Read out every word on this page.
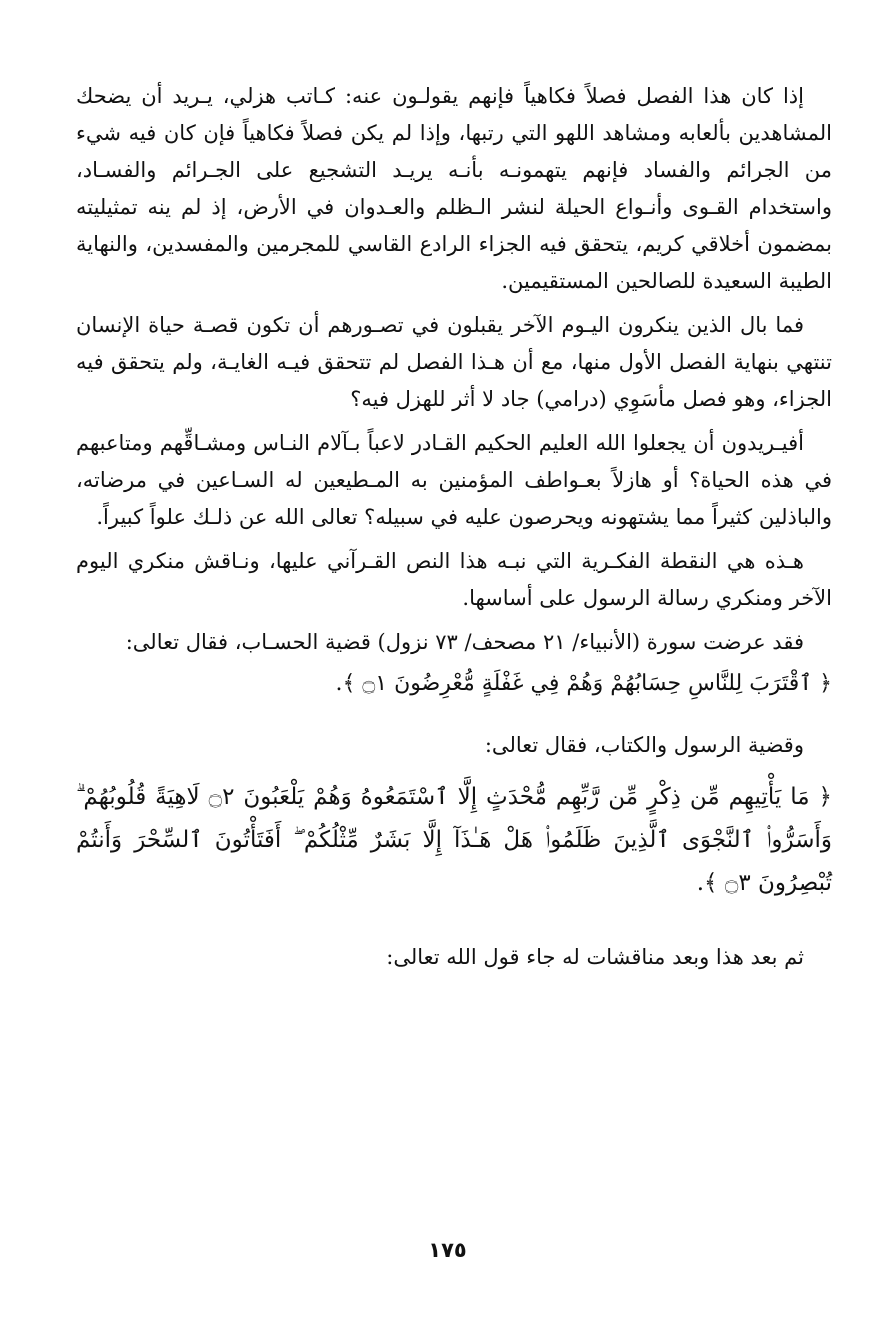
إذا كان هذا الفصل فصلاً فكاهياً فإنهم يقولـون عنه: كـاتب هزلي، يـريد أن يضحك المشاهدين بألعابه ومشاهد اللهو التي رتبها، وإذا لم يكن فصلاً فكاهياً فإن كان فيه شيء من الجرائم والفساد فإنهم يتهمونـه بأنـه يريـد التشجيع على الجـرائم والفسـاد، واستخدام القـوى وأنـواع الحيلة لنشر الـظلم والعـدوان في الأرض، إذ لم ينه تمثيليته بمضمون أخلاقي كريم، يتحقق فيه الجزاء الرادع القاسي للمجرمين والمفسدين، والنهاية الطيبة السعيدة للصالحين المستقيمين.

فما بال الذين ينكرون اليـوم الآخر يقبلون في تصـورهم أن تكون قصـة حياة الإنسان تنتهي بنهاية الفصل الأول منها، مع أن هـذا الفصل لم تتحقق فيـه الغايـة، ولم يتحقق فيه الجزاء، وهو فصل مأسَوِي (درامي) جاد لا أثر للهزل فيه؟

أفيـريدون أن يجعلوا الله العليم الحكيم القـادر لاعباً بـآلام النـاس ومشـاقِّهم ومتاعبهم في هذه الحياة؟ أو هازلاً بعـواطف المؤمنين به المـطيعين له السـاعين في مرضاته، والباذلين كثيراً مما يشتهونه ويحرصون عليه في سبيله؟ تعالى الله عن ذلـك علواً كبيراً.

هـذه هي النقطة الفكـرية التي نبـه هذا النص القـرآني عليها، ونـاقش منكري اليوم الآخر ومنكري رسالة الرسول على أساسها.

فقد عرضت سورة (الأنبياء/ ٢١ مصحف/ ٧٣ نزول) قضية الحسـاب، فقال تعالى:

﴿ ٱقْتَرَبَ لِلنَّاسِ حِسَابُهُمْ وَهُمْ فِي غَفْلَةٍ مُّعْرِضُونَ ۝١ ﴾.

وقضية الرسول والكتاب، فقال تعالى:

﴿ مَا يَأْتِيهِم مِّن ذِكْرٍ مِّن رَّبِّهِم مُّحْدَثٍ إِلَّا ٱسْتَمَعُوهُ وَهُمْ يَلْعَبُونَ ۝٢ لَاهِيَةً قُلُوبُهُمْ ۗ وَأَسَرُّوا۟ ٱلنَّجْوَى ٱلَّذِينَ ظَلَمُوا۟ هَلْ هَـٰذَآ إِلَّا بَشَرٌ مِّثْلُكُمْ ۖ أَفَتَأْتُونَ ٱلسِّحْرَ وَأَنتُمْ تُبْصِرُونَ ۝٣ ﴾.

ثم بعد هذا وبعد مناقشات له جاء قول الله تعالى:

١٧٥
